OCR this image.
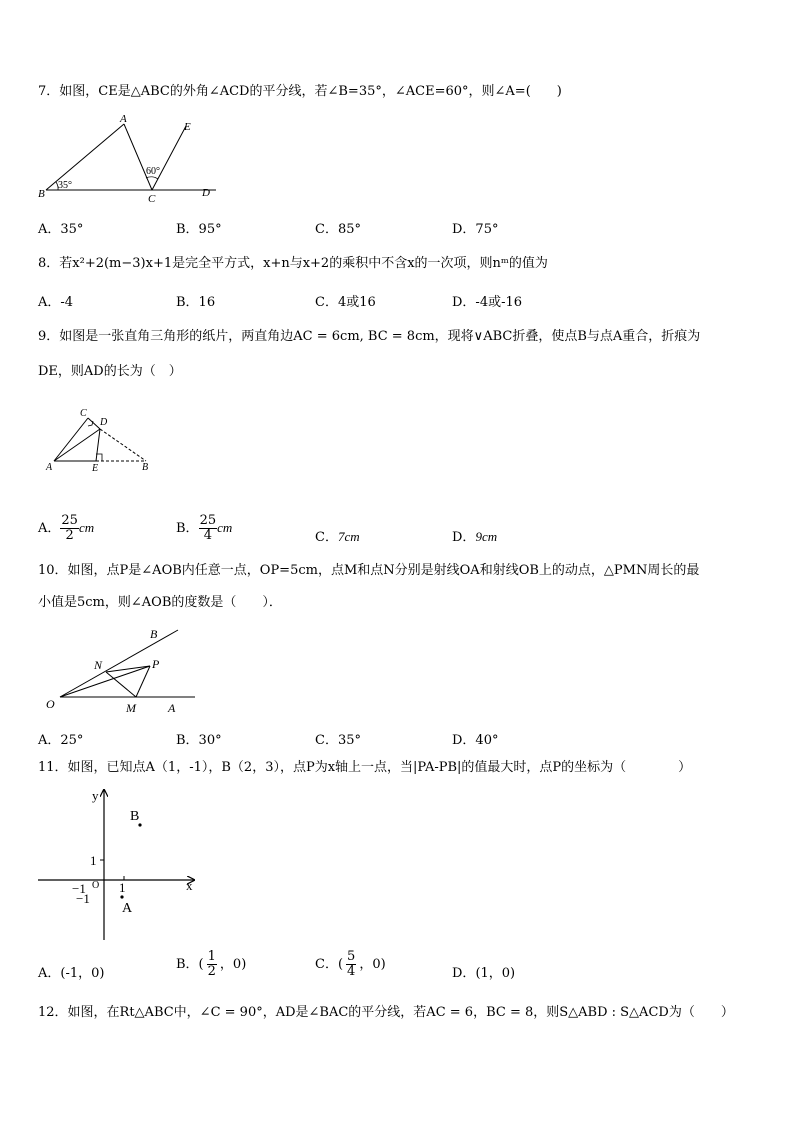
7．如图，CE是△ABC的外角∠ACD的平分线，若∠B=35°，∠ACE=60°，则∠A=(　　)
A
B	C	D
E
35°
60°
A．35°	B．95°	C．85°	D．75°
8．若x²+2(m−3)x+1是完全平方式，x+n与x+2的乘积中不含x的一次项，则nᵐ的值为
A．-4	B．16	C．4或16	D．-4或-16
9．如图是一张直角三角形的纸片，两直角边AC = 6cm, BC = 8cm，现将∨ABC折叠，使点B与点A重合，折痕为
DE，则AD的长为（　）
C
D
A	E	B
A． $\frac{25}{2}$ cm	B． $\frac{25}{4}$ cm
C．7cm	D．9cm
10．如图，点P是∠AOB内任意一点，OP=5cm，点M和点N分别是射线OA和射线OB上的动点，△PMN周长的最
小值是5cm，则∠AOB的度数是（　　）．
B
N	P
O	M	A
A．25°	B．30°	C．35°	D．40°
11．如图，已知点A（1，-1），B（2，3），点P为x轴上一点，当|PA-PB|的值最大时，点P的坐标为（　　　　）
y
x
B
A
1
1
−1 O
−1
A．(-1，0)
B．( $\frac{1}{2}$ ，0)	C．( $\frac{5}{4}$ ，0)
D．(1，0)
12．如图，在Rt△ABC中，∠C = 90°，AD是∠BAC的平分线，若AC = 6，BC = 8，则S△ABD : S△ACD为（　　）
